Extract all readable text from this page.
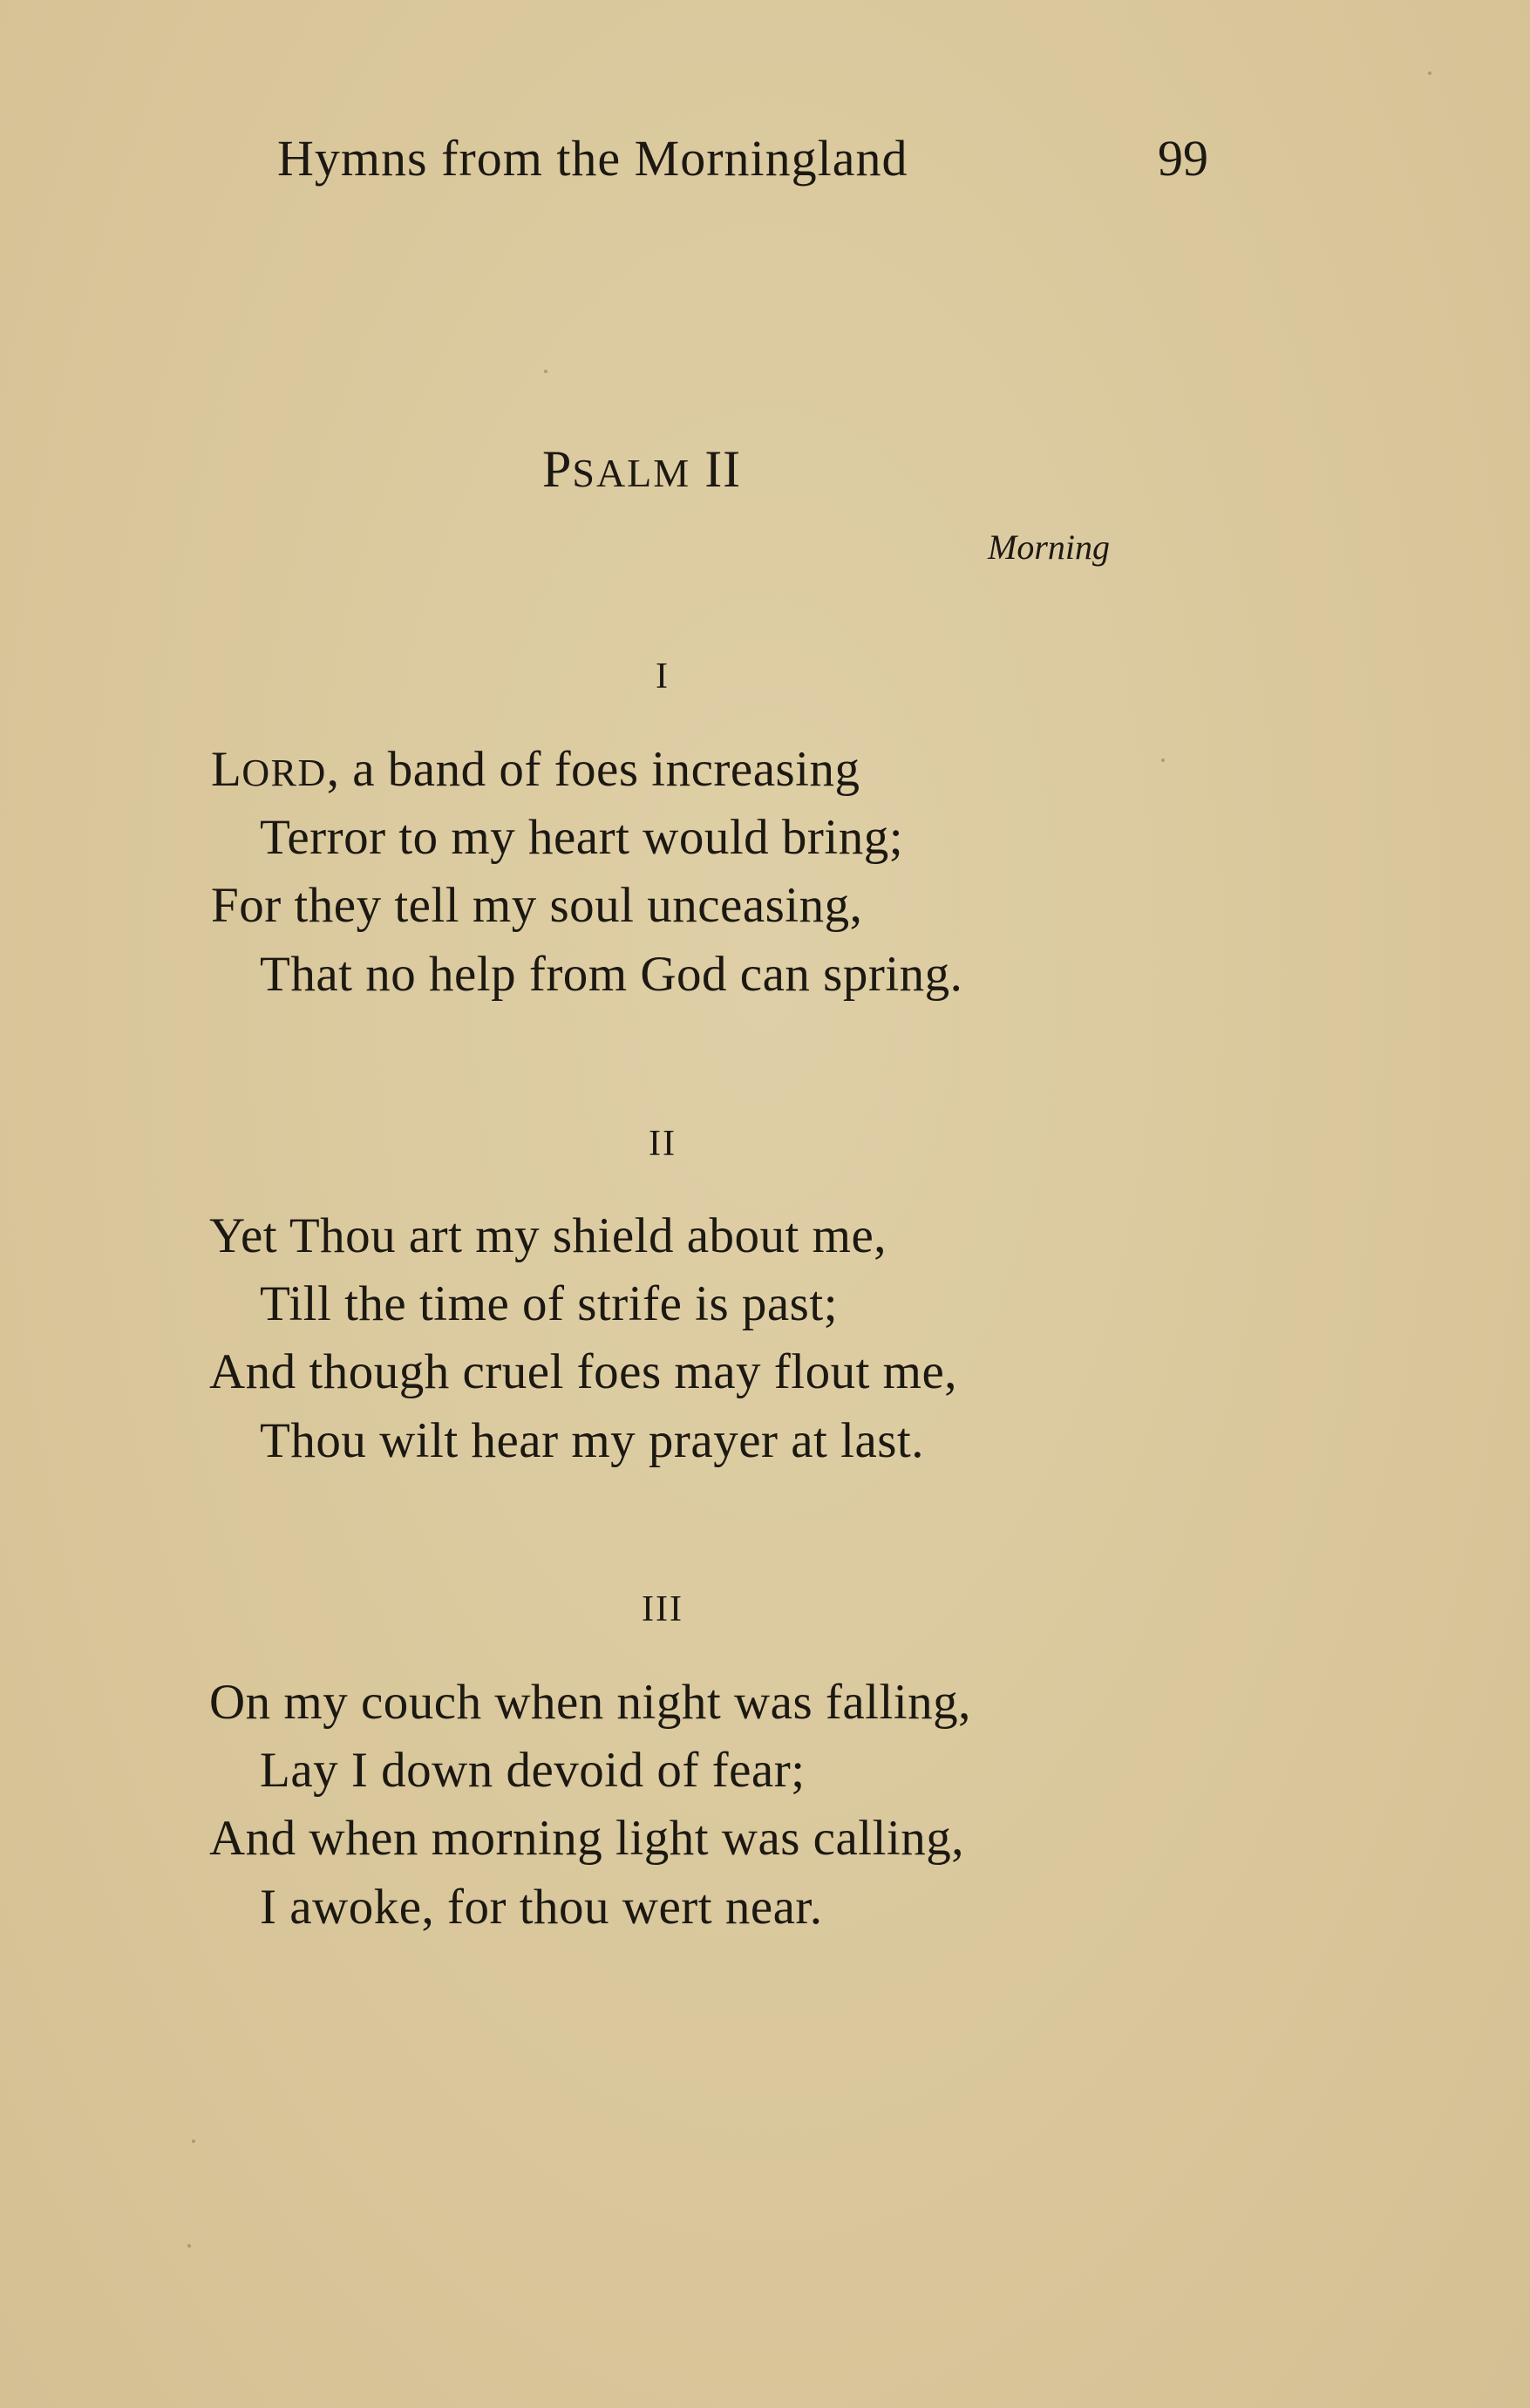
Hymns from the Morningland	99
PSALM II
Morning
I
LORD, a band of foes increasing
Terror to my heart would bring;
For they tell my soul unceasing,
That no help from God can spring.
II
Yet Thou art my shield about me,
Till the time of strife is past;
And though cruel foes may flout me,
Thou wilt hear my prayer at last.
III
On my couch when night was falling,
Lay I down devoid of fear;
And when morning light was calling,
I awoke, for thou wert near.
